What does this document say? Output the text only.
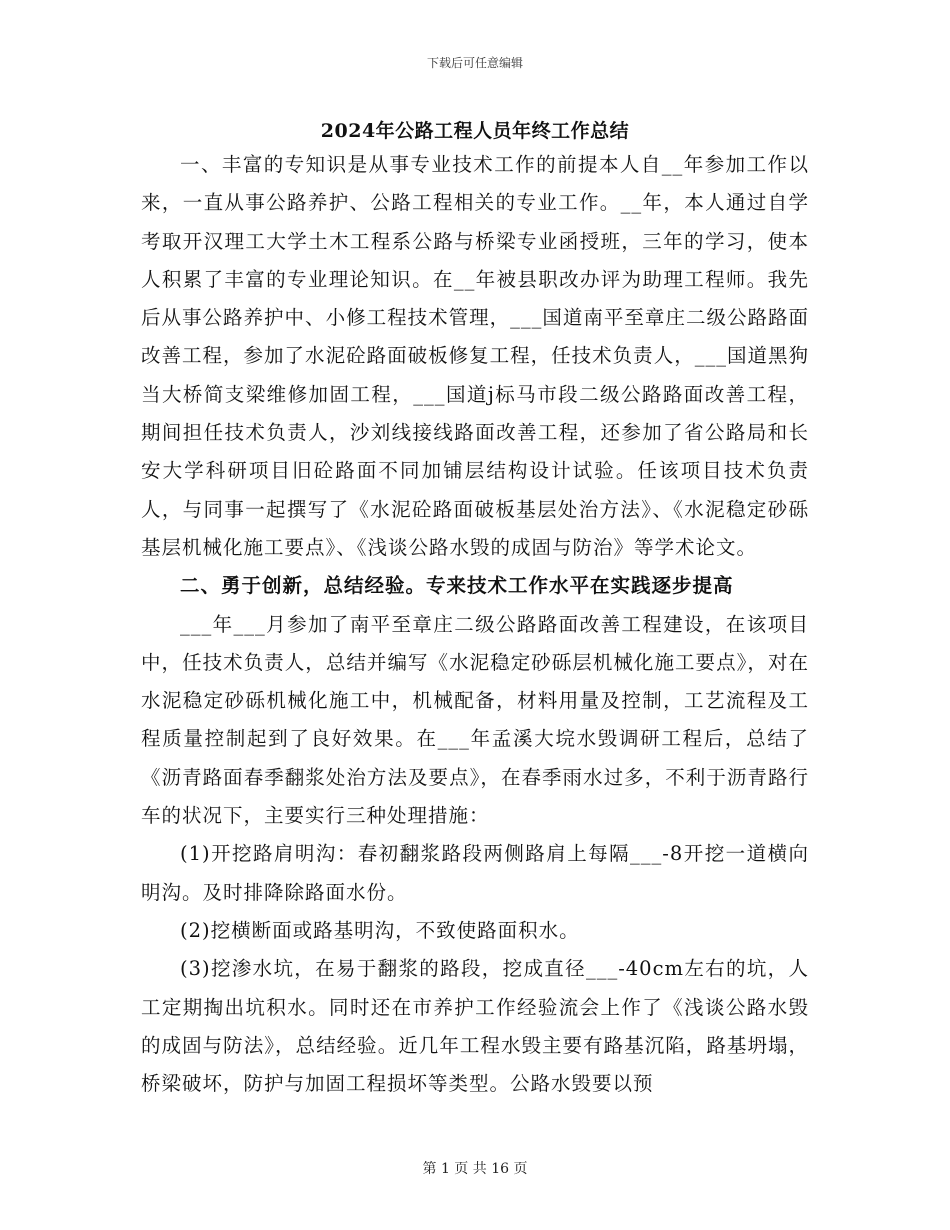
下载后可任意编辑
2024年公路工程人员年终工作总结

一、丰富的专知识是从事专业技术工作的前提本人自__年参加工作以来，一直从事公路养护、公路工程相关的专业工作。__年，本人通过自学考取开汉理工大学土木工程系公路与桥梁专业函授班，三年的学习，使本人积累了丰富的专业理论知识。在__年被县职改办评为助理工程师。我先后从事公路养护中、小修工程技术管理，___国道南平至章庄二级公路路面改善工程，参加了水泥砼路面破板修复工程，任技术负责人，___国道黑狗当大桥简支梁维修加固工程，___国道j标马市段二级公路路面改善工程，期间担任技术负责人，沙刘线接线路面改善工程，还参加了省公路局和长安大学科研项目旧砼路面不同加铺层结构设计试验。任该项目技术负责人，与同事一起撰写了《水泥砼路面破板基层处治方法》、《水泥稳定砂砾基层机械化施工要点》、《浅谈公路水毁的成固与防治》等学术论文。

二、勇于创新，总结经验。专来技术工作水平在实践逐步提高

___年___月参加了南平至章庄二级公路路面改善工程建设，在该项目中，任技术负责人，总结并编写《水泥稳定砂砾层机械化施工要点》，对在水泥稳定砂砾机械化施工中，机械配备，材料用量及控制，工艺流程及工程质量控制起到了良好效果。在___年孟溪大垸水毁调研工程后，总结了《沥青路面春季翻浆处治方法及要点》，在春季雨水过多，不利于沥青路行车的状况下，主要实行三种处理措施：

(1)开挖路肩明沟：春初翻浆路段两侧路肩上每隔___-8开挖一道横向明沟。及时排降除路面水份。

(2)挖横断面或路基明沟，不致使路面积水。

(3)挖渗水坑，在易于翻浆的路段，挖成直径___-40cm左右的坑，人工定期掏出坑积水。同时还在市养护工作经验流会上作了《浅谈公路水毁的成固与防法》，总结经验。近几年工程水毁主要有路基沉陷，路基坍塌，桥梁破坏，防护与加固工程损坏等类型。公路水毁要以预

第 1 页 共 16 页
